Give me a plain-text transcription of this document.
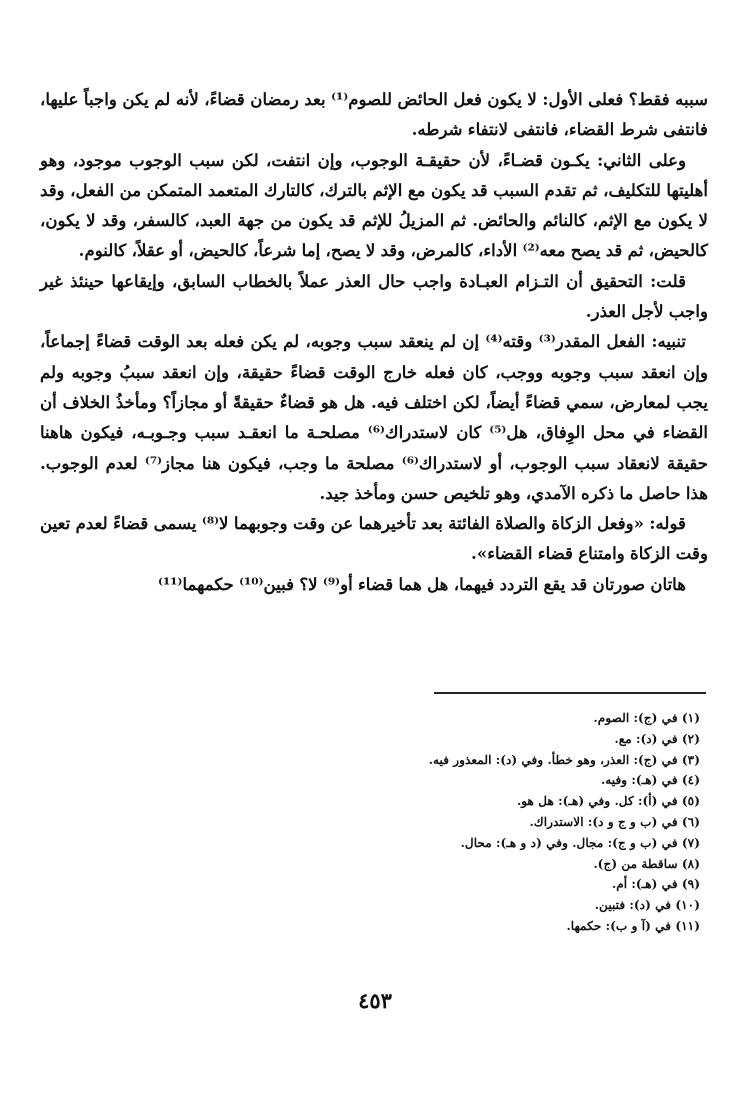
سببه فقط؟ فعلى الأول: لا يكون فعل الحائض للصوم⁽¹⁾ بعد رمضان قضاءً، لأنه لم يكن واجباً عليها، فانتفى شرط القضاء، فانتفى لانتفاء شرطه.

وعلى الثاني: يكـون قضـاءً، لأن حقيقـة الوجوب، وإن انتفت، لكن سبب الوجوب موجود، وهو أهليتها للتكليف، ثم تقدم السبب قد يكون مع الإثم بالترك، كالتارك المتعمد المتمكن من الفعل، وقد لا يكون مع الإثم، كالنائم والحائض. ثم المزيلُ للإثم قد يكون من جهة العبد، كالسفر، وقد لا يكون، كالحيض، ثم قد يصح معه⁽²⁾ الأداء، كالمرض، وقد لا يصح، إما شرعاً، كالحيض، أو عقلاً، كالنوم.

قلت: التحقيق أن التـزام العبـادة واجب حال العذر عملاً بالخطاب السابق، وإيقاعها حينئذ غير واجب لأجل العذر.

تنبيه: الفعل المقدر⁽³⁾ وقته⁽⁴⁾ إن لم ينعقد سبب وجوبه، لم يكن فعله بعد الوقت قضاءً إجماعاً، وإن انعقد سبب وجوبه ووجب، كان فعله خارج الوقت قضاءً حقيقة، وإن انعقد سببُ وجوبه ولم يجب لمعارض، سمي قضاءً أيضاً، لكن اختلف فيه. هل هو قضاءٌ حقيقةً أو مجازاً؟ ومأخذُ الخلاف أن القضاء في محل الوِفاق، هل⁽⁵⁾ كان لاستدراك⁽⁶⁾ مصلحـة ما انعقـد سبب وجـوبـه، فيكون هاهنا حقيقة لانعقاد سبب الوجوب، أو لاستدراك⁽⁶⁾ مصلحة ما وجب، فيكون هنا مجاز⁽⁷⁾ لعدم الوجوب. هذا حاصل ما ذكره الآمدي، وهو تلخيص حسن ومأخذ جيد.

قوله: «وفعل الزكاة والصلاة الفائتة بعد تأخيرهما عن وقت وجوبهما لا⁽⁸⁾ يسمى قضاءً لعدم تعين وقت الزكاة وامتناع قضاء القضاء».

هاتان صورتان قد يقع التردد فيهما، هل هما قضاء أو⁽⁹⁾ لا؟ فبين⁽¹⁰⁾ حكمهما⁽¹¹⁾

(١) في (ج): الصوم.
(٢) في (د): مع.
(٣) في (ج): العذر، وهو خطأ. وفي (د): المعذور فيه.
(٤) في (هـ): وفيه.
(٥) في (أ): كل. وفي (هـ): هل هو.
(٦) في (ب و ج و د): الاستدراك.
(٧) في (ب و ج): مجال. وفي (د و هـ): محال.
(٨) ساقطة من (ج).
(٩) في (هـ): أم.
(١٠) في (د): فتبين.
(١١) في (آ و ب): حكمها.
٤٥٣
